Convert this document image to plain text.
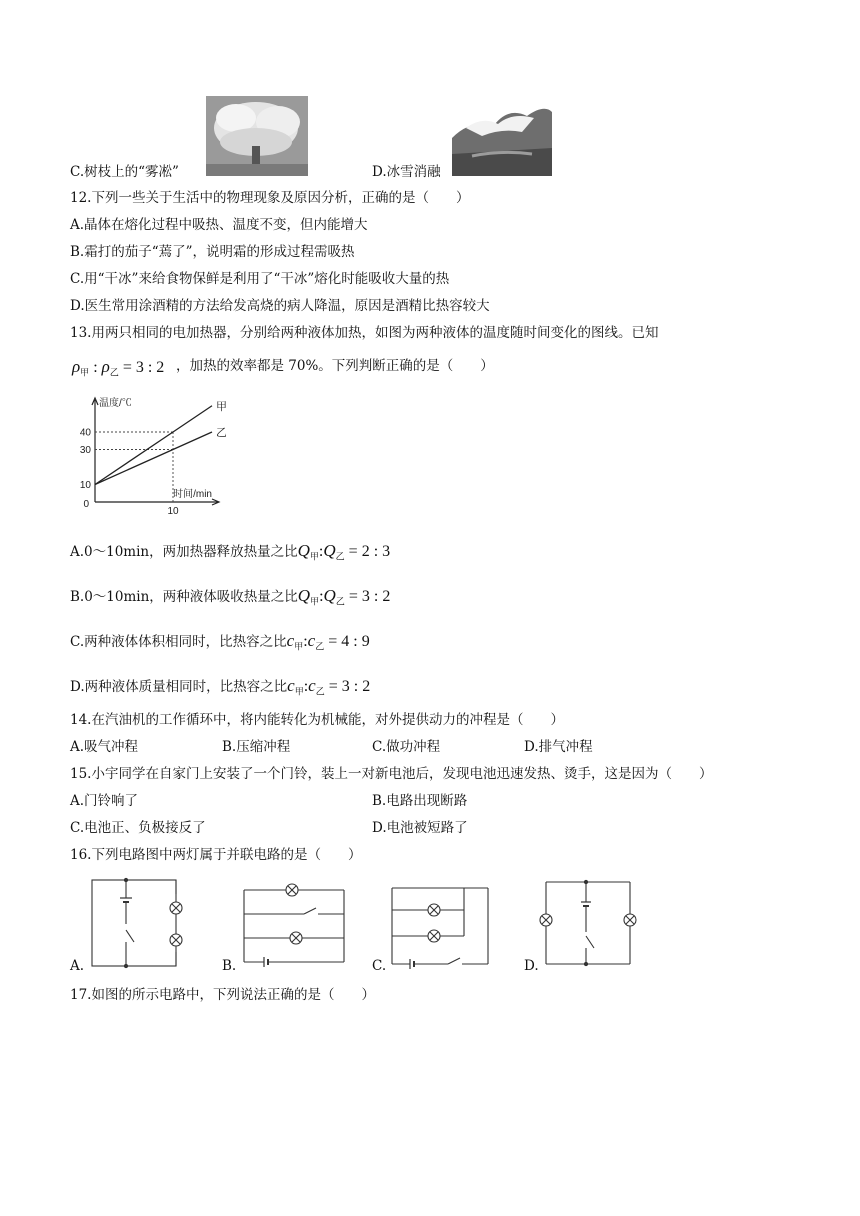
C.树枝上的“雾凇”	D.冰雪消融
12.下列一些关于生活中的物理现象及原因分析，正确的是（　　）
A.晶体在熔化过程中吸热、温度不变，但内能增大
B.霜打的茄子“蔫了”，说明霜的形成过程需吸热
C.用“干冰”来给食物保鲜是利用了“干冰”熔化时能吸收大量的热
D.医生常用涂酒精的方法给发高烧的病人降温，原因是酒精比热容较大
13.用两只相同的电加热器，分别给两种液体加热，如图为两种液体的温度随时间变化的图线。已知
$\rho_甲$ : $\rho_乙 = 3$ : 2 ，加热的效率都是 70%。下列判断正确的是（　　）
甲
乙
10
30
40
10
0
温度/℃
时间/min
A.0～10min，两加热器释放热量之比$Q_甲:Q_乙 = 2$ : 3
B.0～10min，两种液体吸收热量之比$Q_甲:Q_乙 = 3$ : 2
C.两种液体体积相同时，比热容之比$c_甲:c_乙 = 4$ : 9
D.两种液体质量相同时，比热容之比$c_甲:c_乙 = 3$ : 2
14.在汽油机的工作循环中，将内能转化为机械能，对外提供动力的冲程是（　　）
A.吸气冲程	B.压缩冲程	C.做功冲程	D.排气冲程
15.小宇同学在自家门上安装了一个门铃，装上一对新电池后，发现电池迅速发热、烫手，这是因为（　　）
A.门铃响了	B.电路出现断路
C.电池正、负极接反了	D.电池被短路了
16.下列电路图中两灯属于并联电路的是（　　）
A.	B.	C.	D.
17.如图的所示电路中，下列说法正确的是（　　）
